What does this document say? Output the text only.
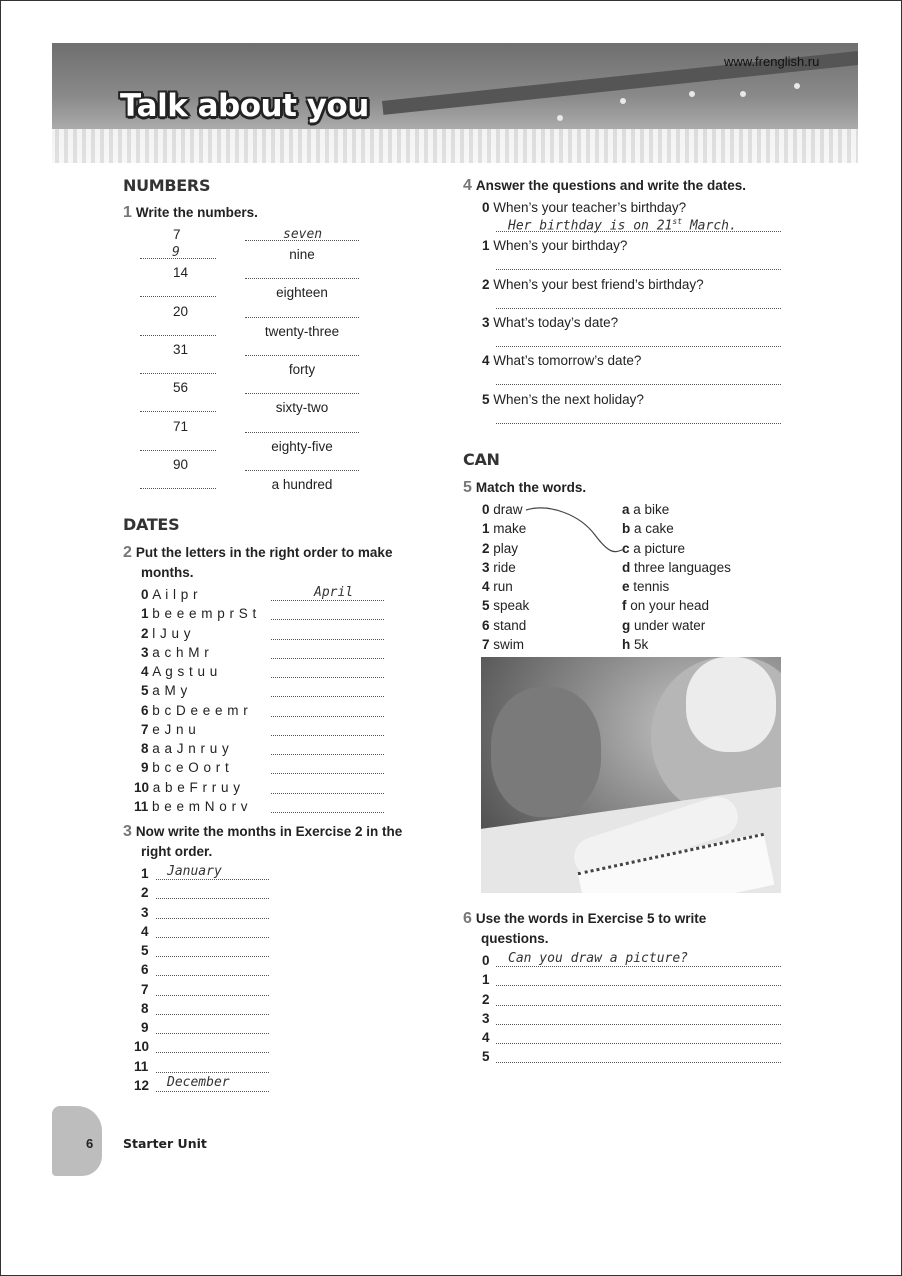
Talk about you
www.frenglish.ru
NUMBERS
1 Write the numbers.
7
14
20
31
56
71
90
nine
eighteen
twenty-three
forty
sixty-two
eighty-five
a hundred
seven
9
DATES
2 Put the letters in the right order to make
months.
0 A i l p r
1 b e e e m p r S t
2 l J u y
3 a c h M r
4 A g s t u u
5 a M y
6 b c D e e e m r
7 e J n u
8 a a J n r u y
9 b c e O o r t
10 a b e F r r u y
11 b e e m N o r v
April
3 Now write the months in Exercise 2 in the
right order.
1
2
3
4
5
6
7
8
9
10
11
12
January
December
4 Answer the questions and write the dates.
0 When’s your teacher’s birthday?
1 When’s your birthday?
2 When’s your best friend’s birthday?
3 What’s today’s date?
4 What’s tomorrow’s date?
5 When’s the next holiday?
Her birthday is on 21st March.
CAN
5 Match the words.
0 draw
1 make
2 play
3 ride
4 run
5 speak
6 stand
7 swim
a a bike
b a cake
c a picture
d three languages
e tennis
f on your head
g under water
h 5k
6 Use the words in Exercise 5 to write
questions.
0
1
2
3
4
5
Can you draw a picture?
6 Starter Unit
